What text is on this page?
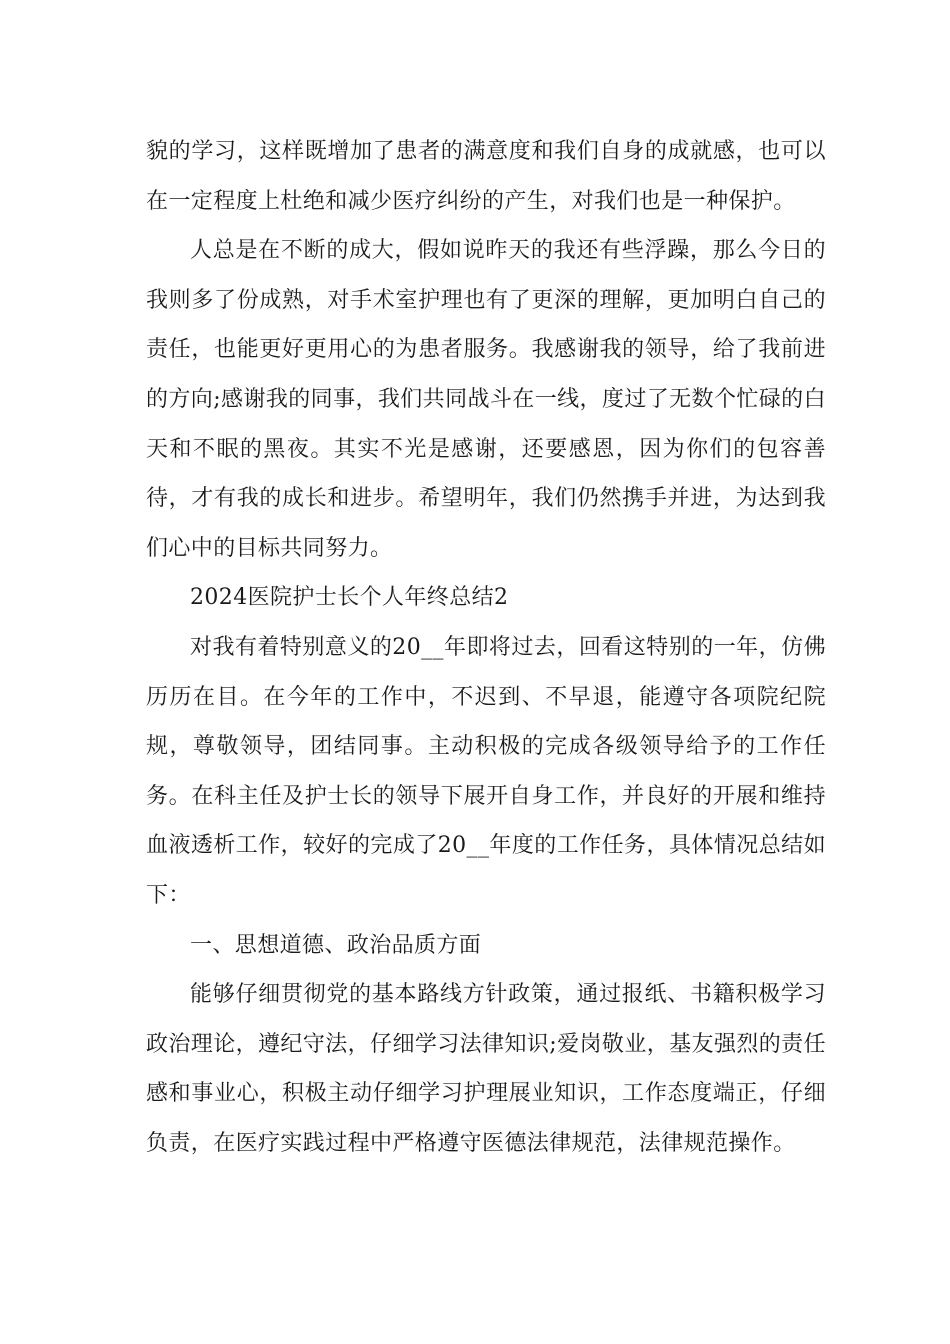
貌的学习，这样既增加了患者的满意度和我们自身的成就感，也可以在一定程度上杜绝和减少医疗纠纷的产生，对我们也是一种保护。

人总是在不断的成大，假如说昨天的我还有些浮躁，那么今日的我则多了份成熟，对手术室护理也有了更深的理解，更加明白自己的责任，也能更好更用心的为患者服务。我感谢我的领导，给了我前进的方向;感谢我的同事，我们共同战斗在一线，度过了无数个忙碌的白天和不眠的黑夜。其实不光是感谢，还要感恩，因为你们的包容善待，才有我的成长和进步。希望明年，我们仍然携手并进，为达到我们心中的目标共同努力。

2024医院护士长个人年终总结2

对我有着特别意义的20__年即将过去，回看这特别的一年，仿佛历历在目。在今年的工作中，不迟到、不早退，能遵守各项院纪院规，尊敬领导，团结同事。主动积极的完成各级领导给予的工作任务。在科主任及护士长的领导下展开自身工作，并良好的开展和维持血液透析工作，较好的完成了20__年度的工作任务，具体情况总结如下：

一、思想道德、政治品质方面

能够仔细贯彻党的基本路线方针政策，通过报纸、书籍积极学习政治理论，遵纪守法，仔细学习法律知识;爱岗敬业，基友强烈的责任感和事业心，积极主动仔细学习护理展业知识，工作态度端正，仔细负责，在医疗实践过程中严格遵守医德法律规范，法律规范操作。
